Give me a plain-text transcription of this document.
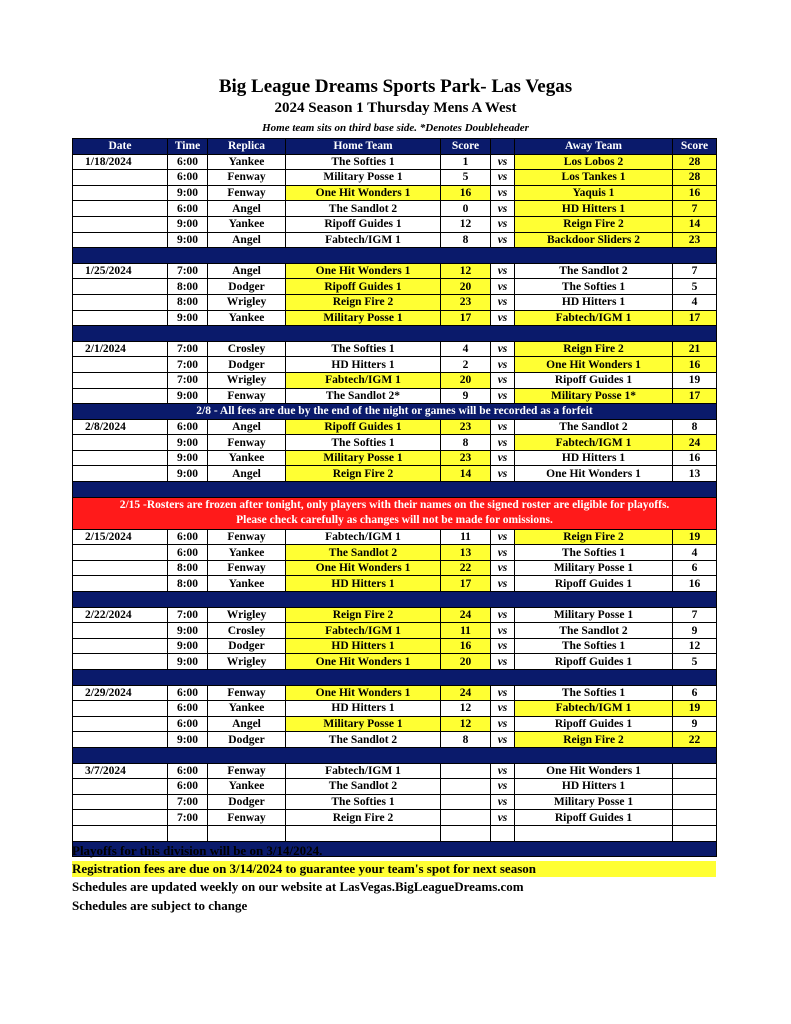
Big League Dreams Sports Park- Las Vegas
2024 Season 1 Thursday Mens A West
Home team sits on third base side. *Denotes Doubleheader
Date	Time	Replica	Home Team	Score		Away Team	Score
1/18/2024	6:00	Yankee	The Softies 1	1	vs	Los Lobos 2	28
	6:00	Fenway	Military Posse 1	5	vs	Los Tankes 1	28
	9:00	Fenway	One Hit Wonders 1	16	vs	Yaquis 1	16
	6:00	Angel	The Sandlot 2	0	vs	HD Hitters 1	7
	9:00	Yankee	Ripoff Guides 1	12	vs	Reign Fire 2	14
	9:00	Angel	Fabtech/IGM 1	8	vs	Backdoor Sliders 2	23

1/25/2024	7:00	Angel	One Hit Wonders 1	12	vs	The Sandlot 2	7
	8:00	Dodger	Ripoff Guides 1	20	vs	The Softies 1	5
	8:00	Wrigley	Reign Fire 2	23	vs	HD Hitters 1	4
	9:00	Yankee	Military Posse 1	17	vs	Fabtech/IGM 1	17

2/1/2024	7:00	Crosley	The Softies 1	4	vs	Reign Fire 2	21
	7:00	Dodger	HD Hitters 1	2	vs	One Hit Wonders 1	16
	7:00	Wrigley	Fabtech/IGM 1	20	vs	Ripoff Guides 1	19
	9:00	Fenway	The Sandlot 2*	9	vs	Military Posse 1*	17
2/8 - All fees are due by the end of the night or games will be recorded as a forfeit							
2/8/2024	6:00	Angel	Ripoff Guides 1	23	vs	The Sandlot 2	8
	9:00	Fenway	The Softies 1	8	vs	Fabtech/IGM 1	24
	9:00	Yankee	Military Posse 1	23	vs	HD Hitters 1	16
	9:00	Angel	Reign Fire 2	14	vs	One Hit Wonders 1	13

2/15 -Rosters are frozen after tonight, only players with their names on the signed roster are eligible for playoffs.
Please check carefully as changes will not be made for omissions.							

2/15/2024	6:00	Fenway	Fabtech/IGM 1	11	vs	Reign Fire 2	19
	6:00	Yankee	The Sandlot 2	13	vs	The Softies 1	4
	8:00	Fenway	One Hit Wonders 1	22	vs	Military Posse 1	6
	8:00	Yankee	HD Hitters 1	17	vs	Ripoff Guides 1	16

2/22/2024	7:00	Wrigley	Reign Fire 2	24	vs	Military Posse 1	7
	9:00	Crosley	Fabtech/IGM 1	11	vs	The Sandlot 2	9
	9:00	Dodger	HD Hitters 1	16	vs	The Softies 1	12
	9:00	Wrigley	One Hit Wonders 1	20	vs	Ripoff Guides 1	5

2/29/2024	6:00	Fenway	One Hit Wonders 1	24	vs	The Softies 1	6
	6:00	Yankee	HD Hitters 1	12	vs	Fabtech/IGM 1	19
	6:00	Angel	Military Posse 1	12	vs	Ripoff Guides 1	9
	9:00	Dodger	The Sandlot 2	8	vs	Reign Fire 2	22

3/7/2024	6:00	Fenway	Fabtech/IGM 1		vs	One Hit Wonders 1	
	6:00	Yankee	The Sandlot 2		vs	HD Hitters 1	
	7:00	Dodger	The Softies 1		vs	Military Posse 1	
	7:00	Fenway	Reign Fire 2		vs	Ripoff Guides 1	

Playoffs for this division will be on 3/14/2024.
Registration fees are due on 3/14/2024 to guarantee your team's spot for next season
Schedules are updated weekly on our website at LasVegas.BigLeagueDreams.com
Schedules are subject to change
